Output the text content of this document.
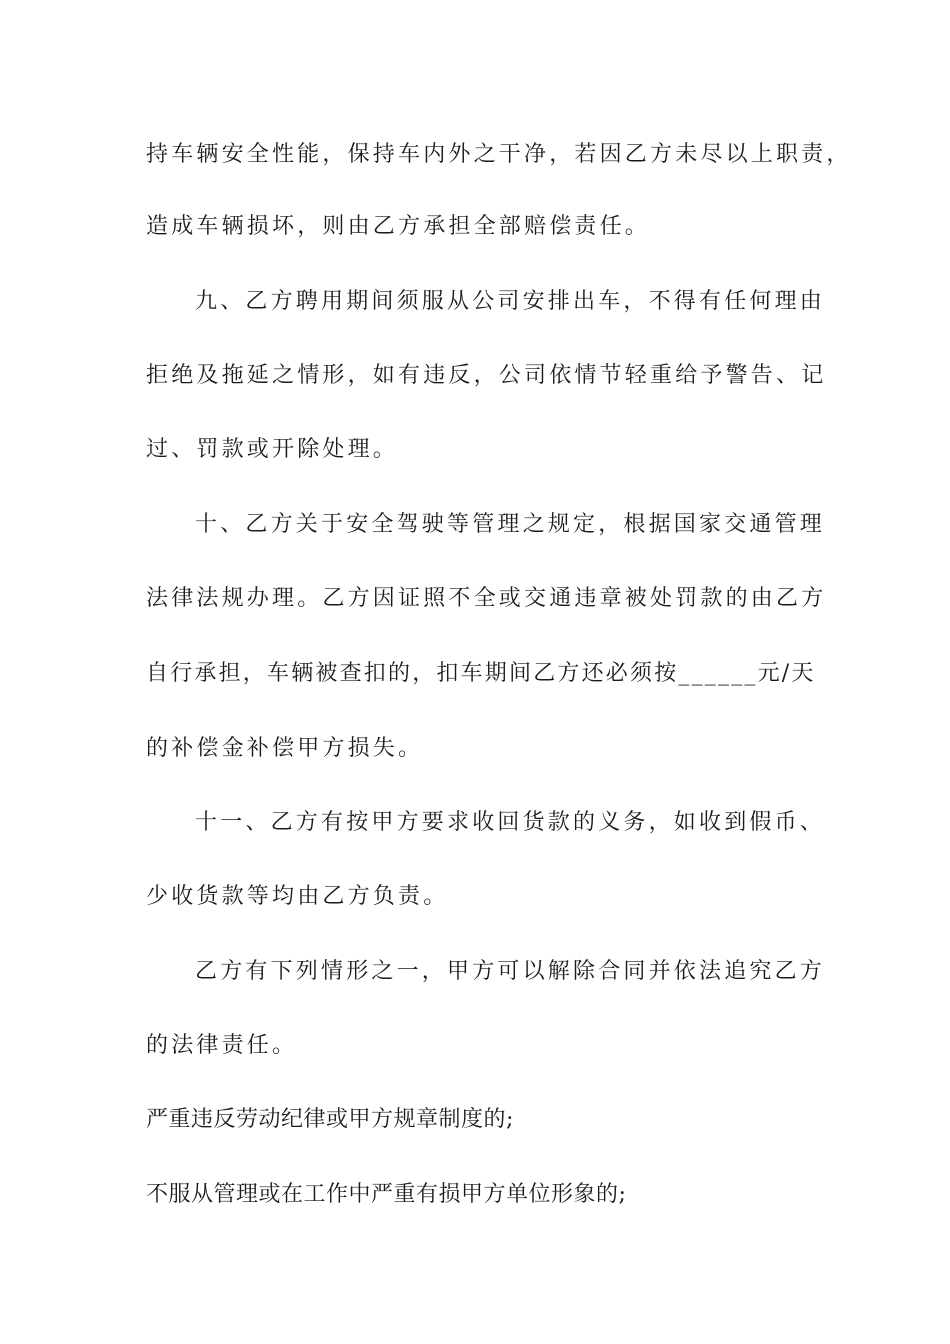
持车辆安全性能，保持车内外之干净，若因乙方未尽以上职责，
造成车辆损坏，则由乙方承担全部赔偿责任。
九、乙方聘用期间须服从公司安排出车，不得有任何理由
拒绝及拖延之情形，如有违反，公司依情节轻重给予警告、记
过、罚款或开除处理。
十、乙方关于安全驾驶等管理之规定，根据国家交通管理
法律法规办理。乙方因证照不全或交通违章被处罚款的由乙方
自行承担，车辆被查扣的，扣车期间乙方还必须按______元/天
的补偿金补偿甲方损失。
十一、乙方有按甲方要求收回货款的义务，如收到假币、
少收货款等均由乙方负责。
乙方有下列情形之一，甲方可以解除合同并依法追究乙方
的法律责任。
严重违反劳动纪律或甲方规章制度的;
不服从管理或在工作中严重有损甲方单位形象的;
